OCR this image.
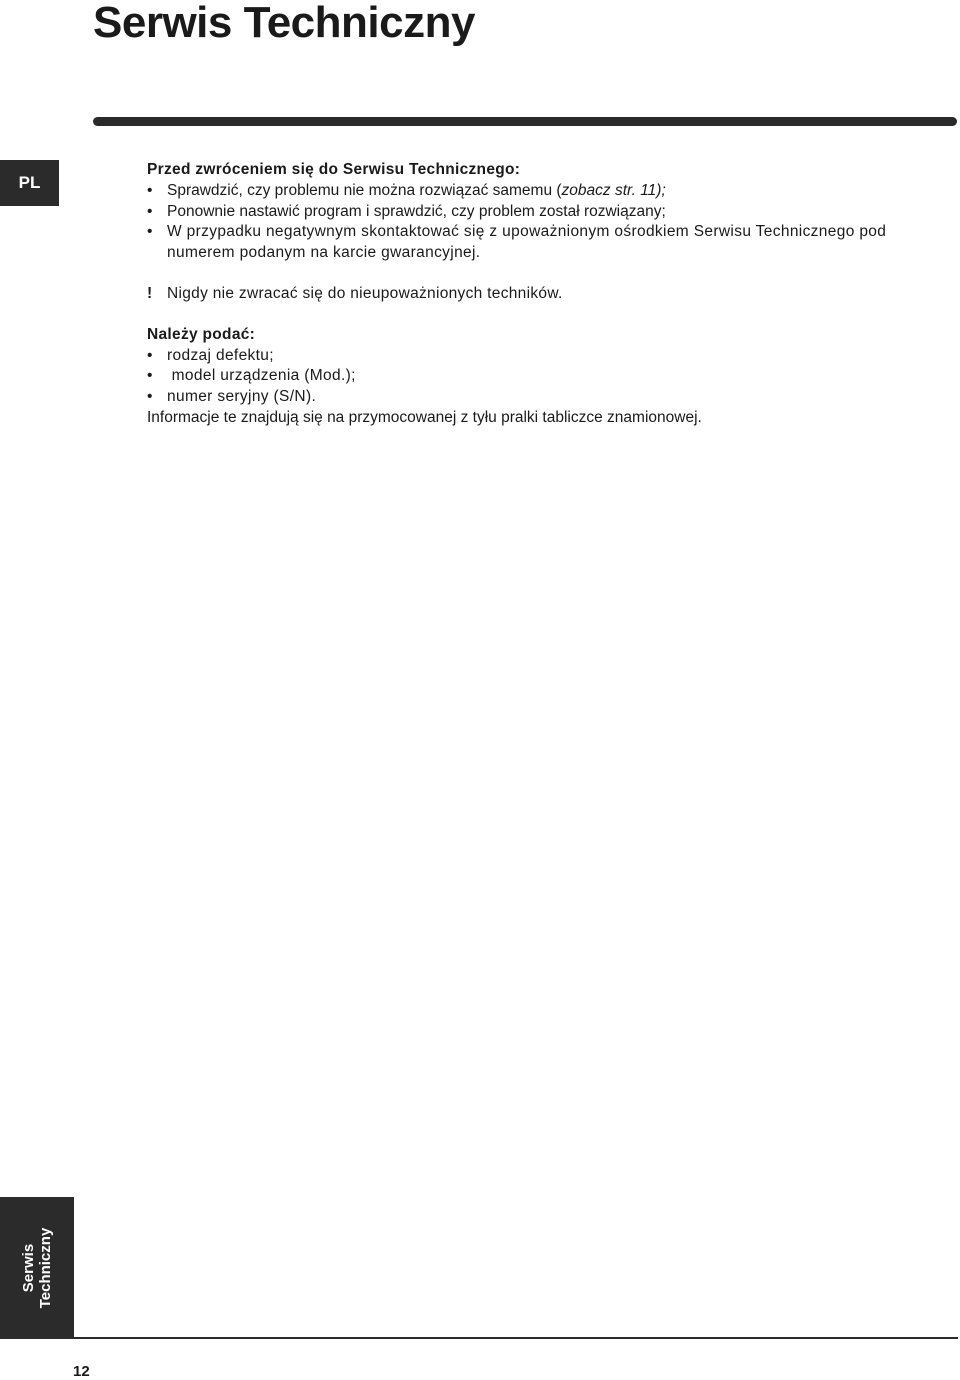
Serwis Techniczny
PL

Przed zwróceniem się do Serwisu Technicznego:

• Sprawdzić, czy problemu nie można rozwiązać samemu (zobacz str. 11);
• Ponownie nastawić program i sprawdzić, czy problem został rozwiązany;
• W przypadku negatywnym skontaktować się z upoważnionym ośrodkiem Serwisu Technicznego pod numerem podanym na karcie gwarancyjnej.
! Nigdy nie zwracać się do nieupoważnionych techników.

Należy podać:

• rodzaj defektu;
•  model urządzenia (Mod.);
• numer seryjny (S/N).

Informacje te znajdują się na przymocowanej z tyłu pralki tabliczce znamionowej.

Serwis Techniczny
12
